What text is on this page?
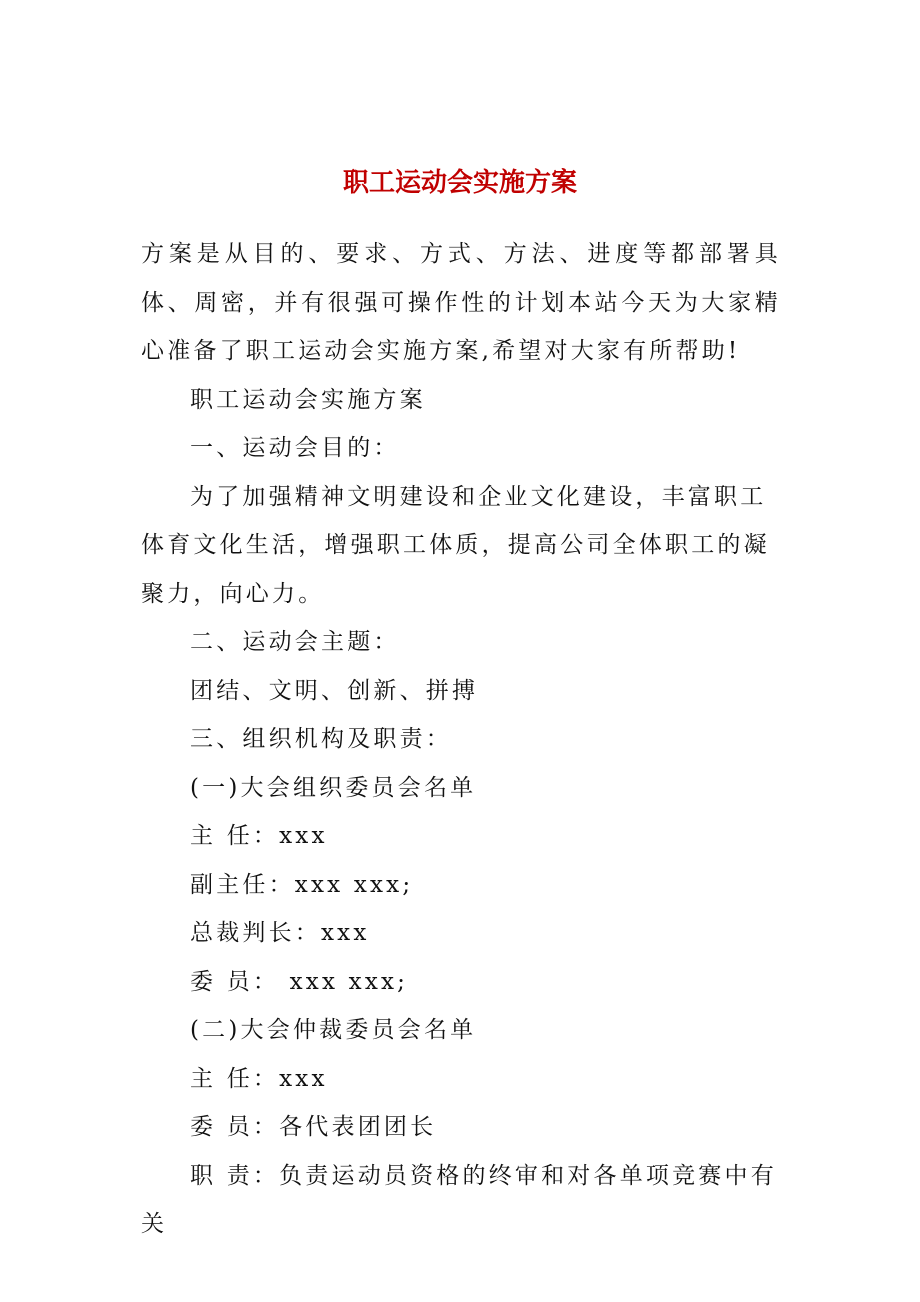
职工运动会实施方案

方案是从目的、要求、方式、方法、进度等都部署具体、周密，并有很强可操作性的计划本站今天为大家精心准备了职工运动会实施方案,希望对大家有所帮助!

职工运动会实施方案

一、运动会目的：

为了加强精神文明建设和企业文化建设，丰富职工体育文化生活，增强职工体质，提高公司全体职工的凝聚力，向心力。

二、运动会主题：

团结、文明、创新、拼搏

三、组织机构及职责：

(一)大会组织委员会名单

主 任：xxx

副主任：xxx xxx;

总裁判长：xxx

委 员： xxx xxx;

(二)大会仲裁委员会名单

主 任：xxx

委 员：各代表团团长

职 责：负责运动员资格的终审和对各单项竞赛中有关
